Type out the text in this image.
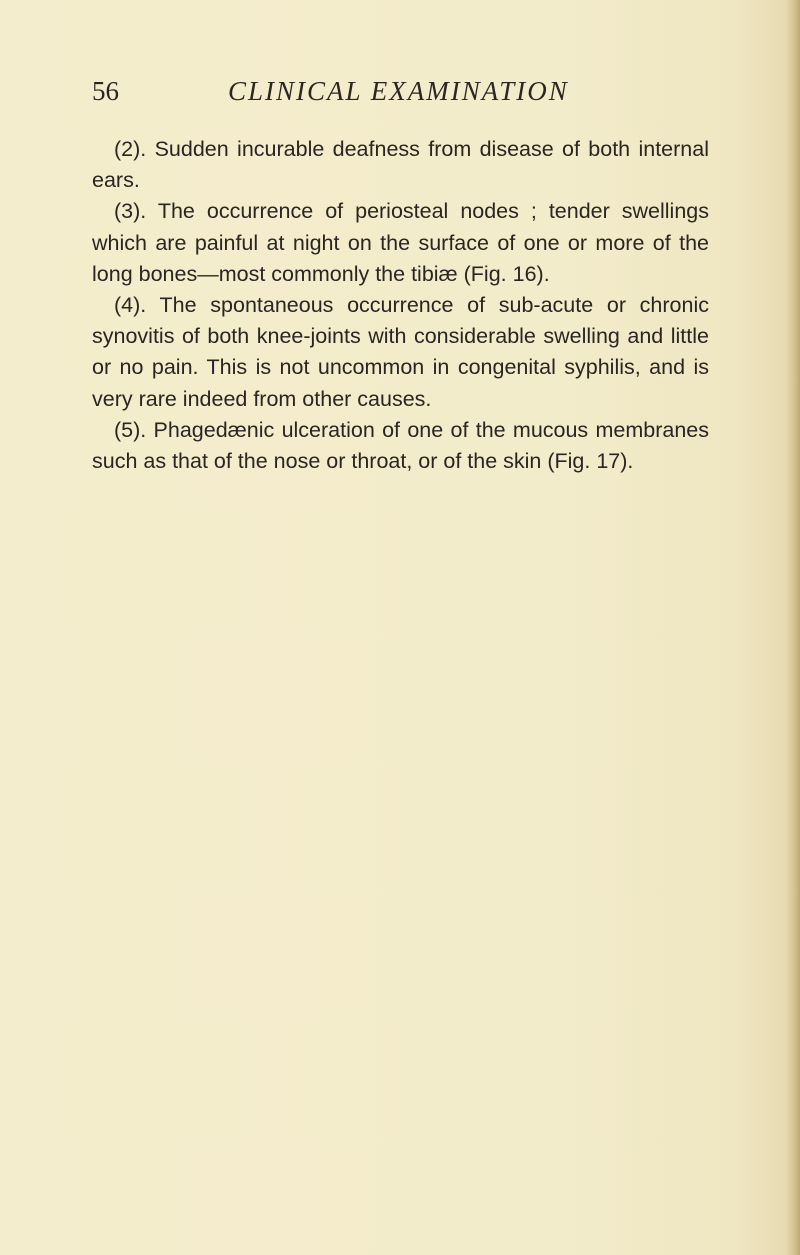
56	CLINICAL EXAMINATION

(2). Sudden incurable deafness from disease of both internal ears.

(3). The occurrence of periosteal nodes ; tender swellings which are painful at night on the surface of one or more of the long bones—most commonly the tibiæ (Fig. 16).

(4). The spontaneous occurrence of sub-acute or chronic synovitis of both knee-joints with considerable swelling and little or no pain. This is not uncommon in congenital syphilis, and is very rare indeed from other causes.

(5). Phagedænic ulceration of one of the mucous membranes such as that of the nose or throat, or of the skin (Fig. 17).
